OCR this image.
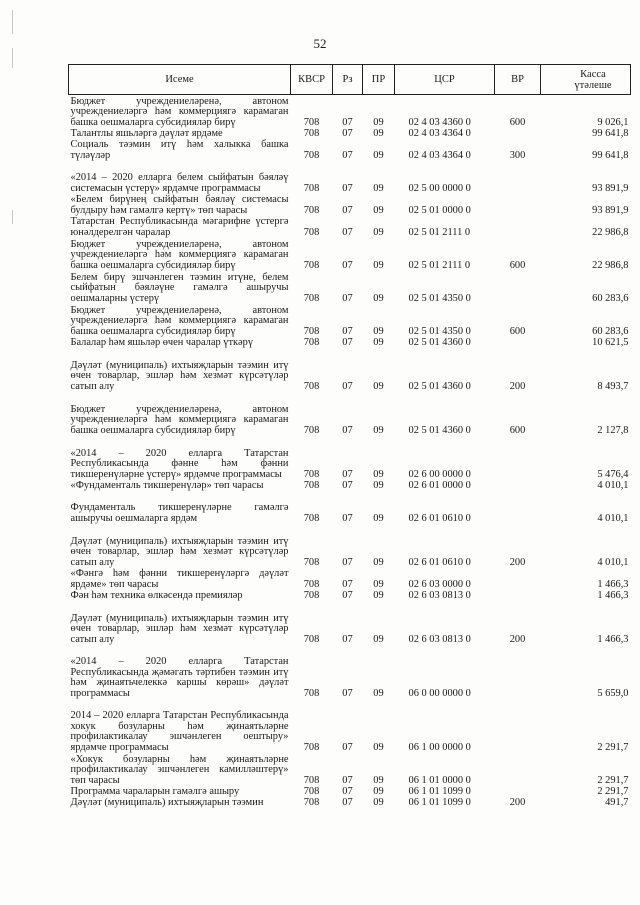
52
Исеме	КВСР	Рз	ПР	ЦСР	ВР	Касса үтәлеше
Бюджет учреждениеләренә, автоном учреждениеләргә һәм коммерциягә карамаган башка оешмаларга субсидияләр бирү	708	07	09	02 4 03 4360 0	600	9 026,1
Талантлы яшьләргә дәүләт ярдәме	708	07	09	02 4 03 4364 0		99 641,8
Социаль тәэмин итү һәм халыкка башка түләүләр	708	07	09	02 4 03 4364 0	300	99 641,8
«2014 – 2020 елларга белем сыйфатын бәяләү системасын үстерү» ярдәмче программасы	708	07	09	02 5 00 0000 0		93 891,9
«Белем бирүнең сыйфатын бәяләү системасы булдыру һәм гамәлгә кертү» төп чарасы	708	07	09	02 5 01 0000 0		93 891,9
Татарстан Республикасында мәгарифне үстергә юнәлдерелгән чаралар	708	07	09	02 5 01 2111 0		22 986,8
Бюджет учреждениеләренә, автоном учреждениеләргә һәм коммерциягә карамаган башка оешмаларга субсидияләр бирү	708	07	09	02 5 01 2111 0	600	22 986,8
Белем бирү эшчәнлеген тәэмин итүне, белем сыйфатын бәяләүне гамәлгә ашыручы оешмаларны үстерү	708	07	09	02 5 01 4350 0		60 283,6
Бюджет учреждениеләренә, автоном учреждениеләргә һәм коммерциягә карамаган башка оешмаларга субсидияләр бирү	708	07	09	02 5 01 4350 0	600	60 283,6
Балалар һәм яшьләр өчен чаралар үткәрү	708	07	09	02 5 01 4360 0		10 621,5
Дәүләт (муниципаль) ихтыяҗларын тәэмин итү өчен товарлар, эшләр һәм хезмәт күрсәтүләр сатып алу	708	07	09	02 5 01 4360 0	200	8 493,7
Бюджет учреждениеләренә, автоном учреждениеләргә һәм коммерциягә карамаган башка оешмаларга субсидияләр бирү	708	07	09	02 5 01 4360 0	600	2 127,8
«2014 – 2020 елларга Татарстан Республикасында фәнне һәм фәнни тикшеренүләрне үстерү» ярдәмче программасы	708	07	09	02 6 00 0000 0		5 476,4
«Фундаменталь тикшеренүләр» төп чарасы	708	07	09	02 6 01 0000 0		4 010,1
Фундаменталь тикшеренүләрне гамәлгә ашыручы оешмаларга ярдәм	708	07	09	02 6 01 0610 0		4 010,1
Дәүләт (муниципаль) ихтыяҗларын тәэмин итү өчен товарлар, эшләр һәм хезмәт күрсәтүләр сатып алу	708	07	09	02 6 01 0610 0	200	4 010,1
«Фәнгә һәм фәнни тикшеренүләргә дәүләт ярдәме» төп чарасы	708	07	09	02 6 03 0000 0		1 466,3
Фән һәм техника өлкәсендә премияләр	708	07	09	02 6 03 0813 0		1 466,3
Дәүләт (муниципаль) ихтыяҗларын тәэмин итү өчен товарлар, эшләр һәм хезмәт күрсәтүләр сатып алу	708	07	09	02 6 03 0813 0	200	1 466,3
«2014 – 2020 елларга Татарстан Республикасында җәмәгать тәртибен тәэмин итү һәм җинаятьчелеккә каршы көрәш» дәүләт программасы	708	07	09	06 0 00 0000 0		5 659,0
2014 – 2020 елларга Татарстан Республикасында хокук бозуларны һәм җинаятьләрне профилактикалау эшчәнлеген оештыру» ярдәмче программасы	708	07	09	06 1 00 0000 0		2 291,7
«Хокук бозуларны һәм җинаятьләрне профилактикалау эшчәнлеген камилләштерү» төп чарасы	708	07	09	06 1 01 0000 0		2 291,7
Программа чараларын гамәлгә ашыру	708	07	09	06 1 01 1099 0		2 291,7
Дәүләт (муниципаль) ихтыяҗларын тәэмин	708	07	09	06 1 01 1099 0	200	491,7
